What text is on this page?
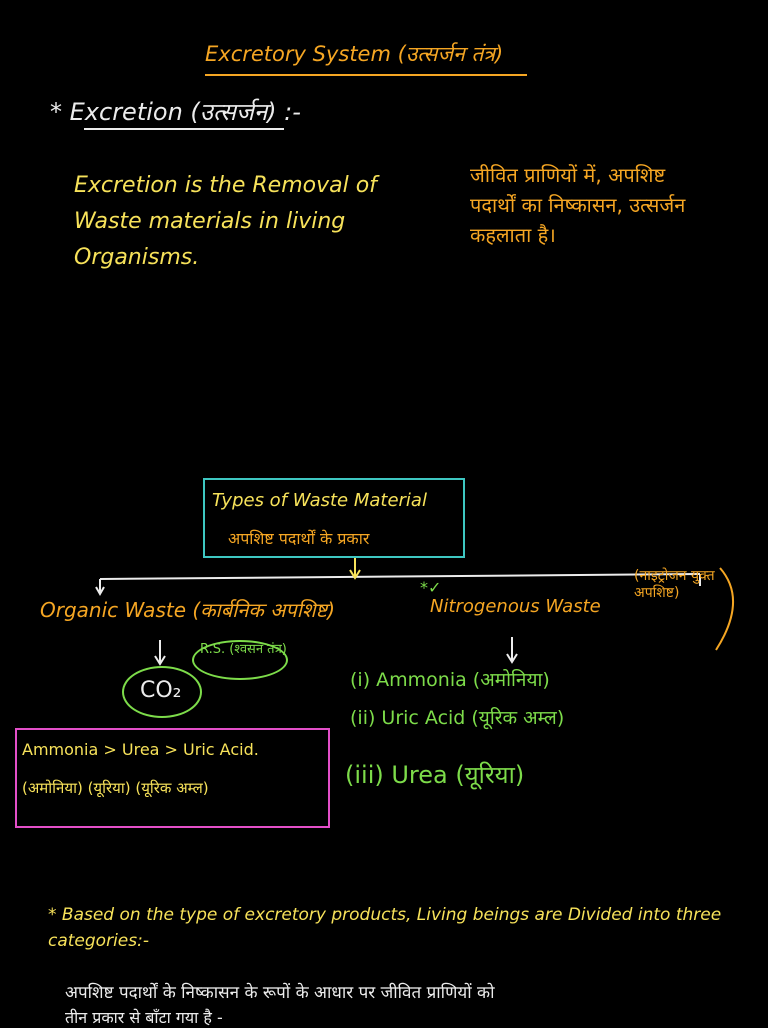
Excretory System (उत्सर्जन तंत्र)
* Excretion (उत्सर्जन) :-
Excretion is the Removal of Waste materials in living Organisms.
जीवित प्राणियों में, अपशिष्ट पदार्थों का निष्कासन, उत्सर्जन कहलाता है।
Types of Waste Material
अपशिष्ट पदार्थों के प्रकार
Organic Waste (कार्बनिक अपशिष्ट)
R.S. (श्वसन तंत्र)
CO₂
*✓
Nitrogenous Waste
(नाइट्रोजन युक्त अपशिष्ट)
(i) Ammonia (अमोनिया)
(ii) Uric Acid (यूरिक अम्ल)
(iii) Urea (यूरिया)
Ammonia > Urea > Uric Acid.
(अमोनिया) (यूरिया) (यूरिक अम्ल)
* Based on the type of excretory products, Living beings are Divided into three categories:-
अपशिष्ट पदार्थों के निष्कासन के रूपों के आधार पर जीवित प्राणियों को
तीन प्रकार से बाँटा गया है -
